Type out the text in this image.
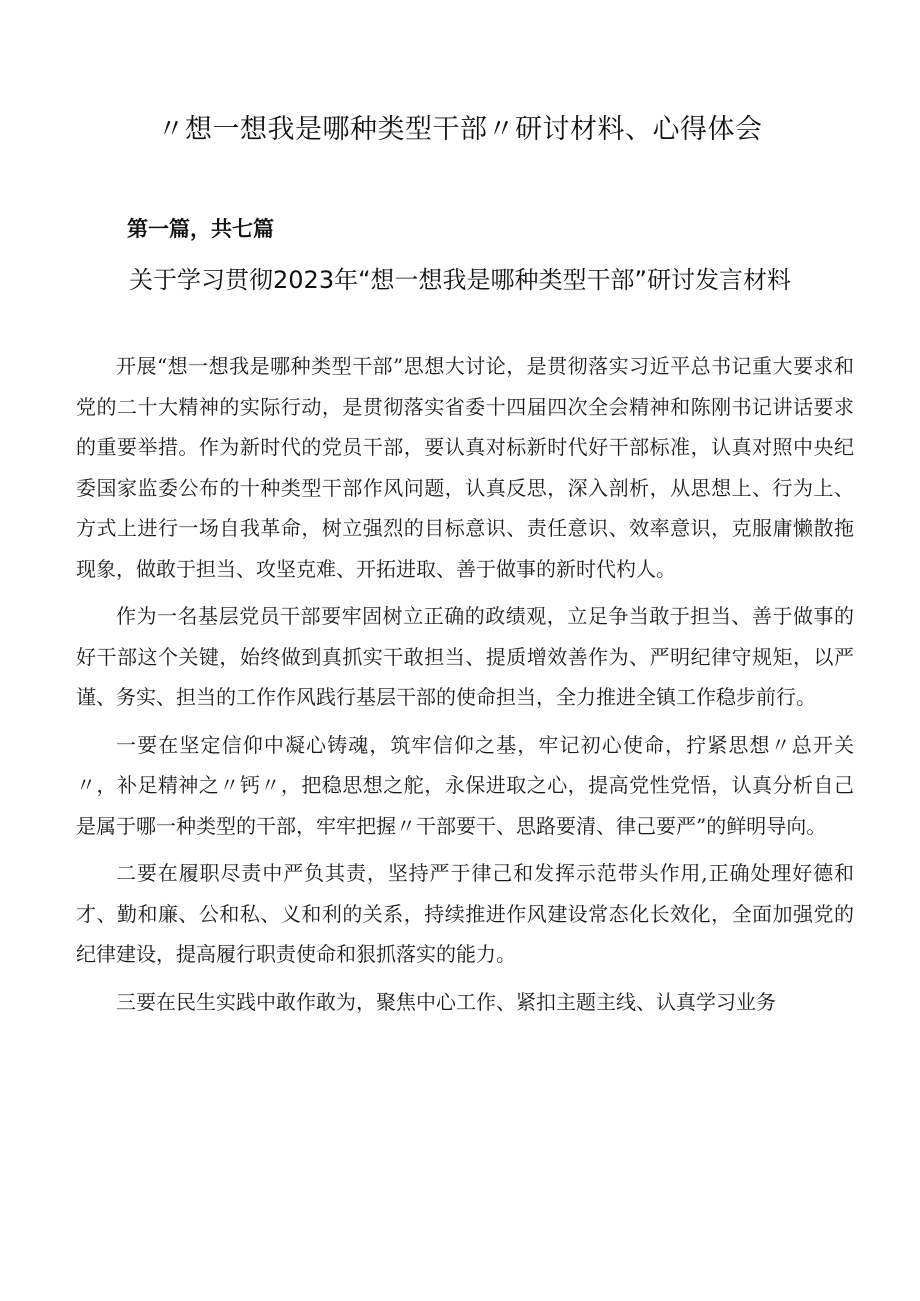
〃想一想我是哪种类型干部〃研讨材料、心得体会
第一篇，共七篇
关于学习贯彻2023年“想一想我是哪种类型干部”研讨发言材料

开展“想一想我是哪种类型干部”思想大讨论，是贯彻落实习近平总书记重大要求和党的二十大精神的实际行动，是贯彻落实省委十四届四次全会精神和陈刚书记讲话要求的重要举措。作为新时代的党员干部，要认真对标新时代好干部标准，认真对照中央纪委国家监委公布的十种类型干部作风问题，认真反思，深入剖析，从思想上、行为上、方式上进行一场自我革命，树立强烈的目标意识、责任意识、效率意识，克服庸懒散拖现象，做敢于担当、攻坚克难、开拓进取、善于做事的新时代杓人。

作为一名基层党员干部要牢固树立正确的政绩观，立足争当敢于担当、善于做事的好干部这个关键，始终做到真抓实干敢担当、提质增效善作为、严明纪律守规矩，以严谨、务实、担当的工作作风践行基层干部的使命担当，全力推进全镇工作稳步前行。

一要在坚定信仰中凝心铸魂，筑牢信仰之基，牢记初心使命，拧紧思想〃总开关〃，补足精神之〃钙〃，把稳思想之舵，永保进取之心，提高党性党悟，认真分析自己是属于哪一种类型的干部，牢牢把握〃干部要干、思路要清、律己要严”的鲜明导向。

二要在履职尽责中严负其责，坚持严于律己和发挥示范带头作用,正确处理好德和才、勤和廉、公和私、义和利的关系，持续推进作风建设常态化长效化，全面加强党的纪律建设，提高履行职责使命和狠抓落实的能力。

三要在民生实践中敢作敢为，聚焦中心工作、紧扣主题主线、认真学习业务
